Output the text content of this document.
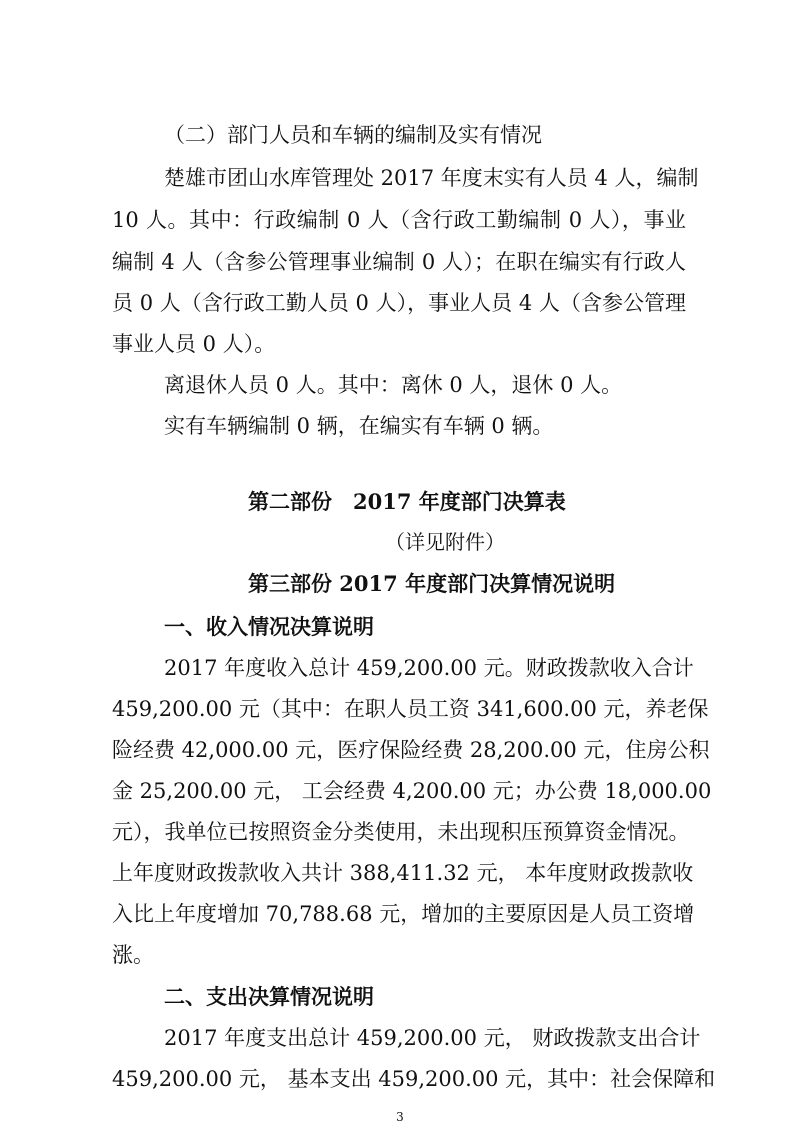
（二）部门人员和车辆的编制及实有情况
楚雄市团山水库管理处 2017 年度末实有人员 4 人，编制
10 人。其中：行政编制 0 人（含行政工勤编制 0 人），事业
编制 4 人（含参公管理事业编制 0 人）；在职在编实有行政人
员 0 人（含行政工勤人员 0 人），事业人员 4 人（含参公管理
事业人员 0 人）。
离退休人员 0 人。其中：离休 0 人，退休 0 人。
实有车辆编制 0 辆，在编实有车辆 0 辆。
第二部份　2017 年度部门决算表
（详见附件）
第三部份 2017 年度部门决算情况说明
一、收入情况决算说明
2017 年度收入总计 459,200.00 元。财政拨款收入合计
459,200.00 元（其中：在职人员工资 341,600.00 元，养老保
险经费 42,000.00 元，医疗保险经费 28,200.00 元，住房公积
金 25,200.00 元， 工会经费 4,200.00 元；办公费 18,000.00
元），我单位已按照资金分类使用，未出现积压预算资金情况。
上年度财政拨款收入共计 388,411.32 元， 本年度财政拨款收
入比上年度增加 70,788.68 元，增加的主要原因是人员工资增
涨。
二、支出决算情况说明
2017 年度支出总计 459,200.00 元， 财政拨款支出合计
459,200.00 元， 基本支出 459,200.00 元，其中：社会保障和
3
